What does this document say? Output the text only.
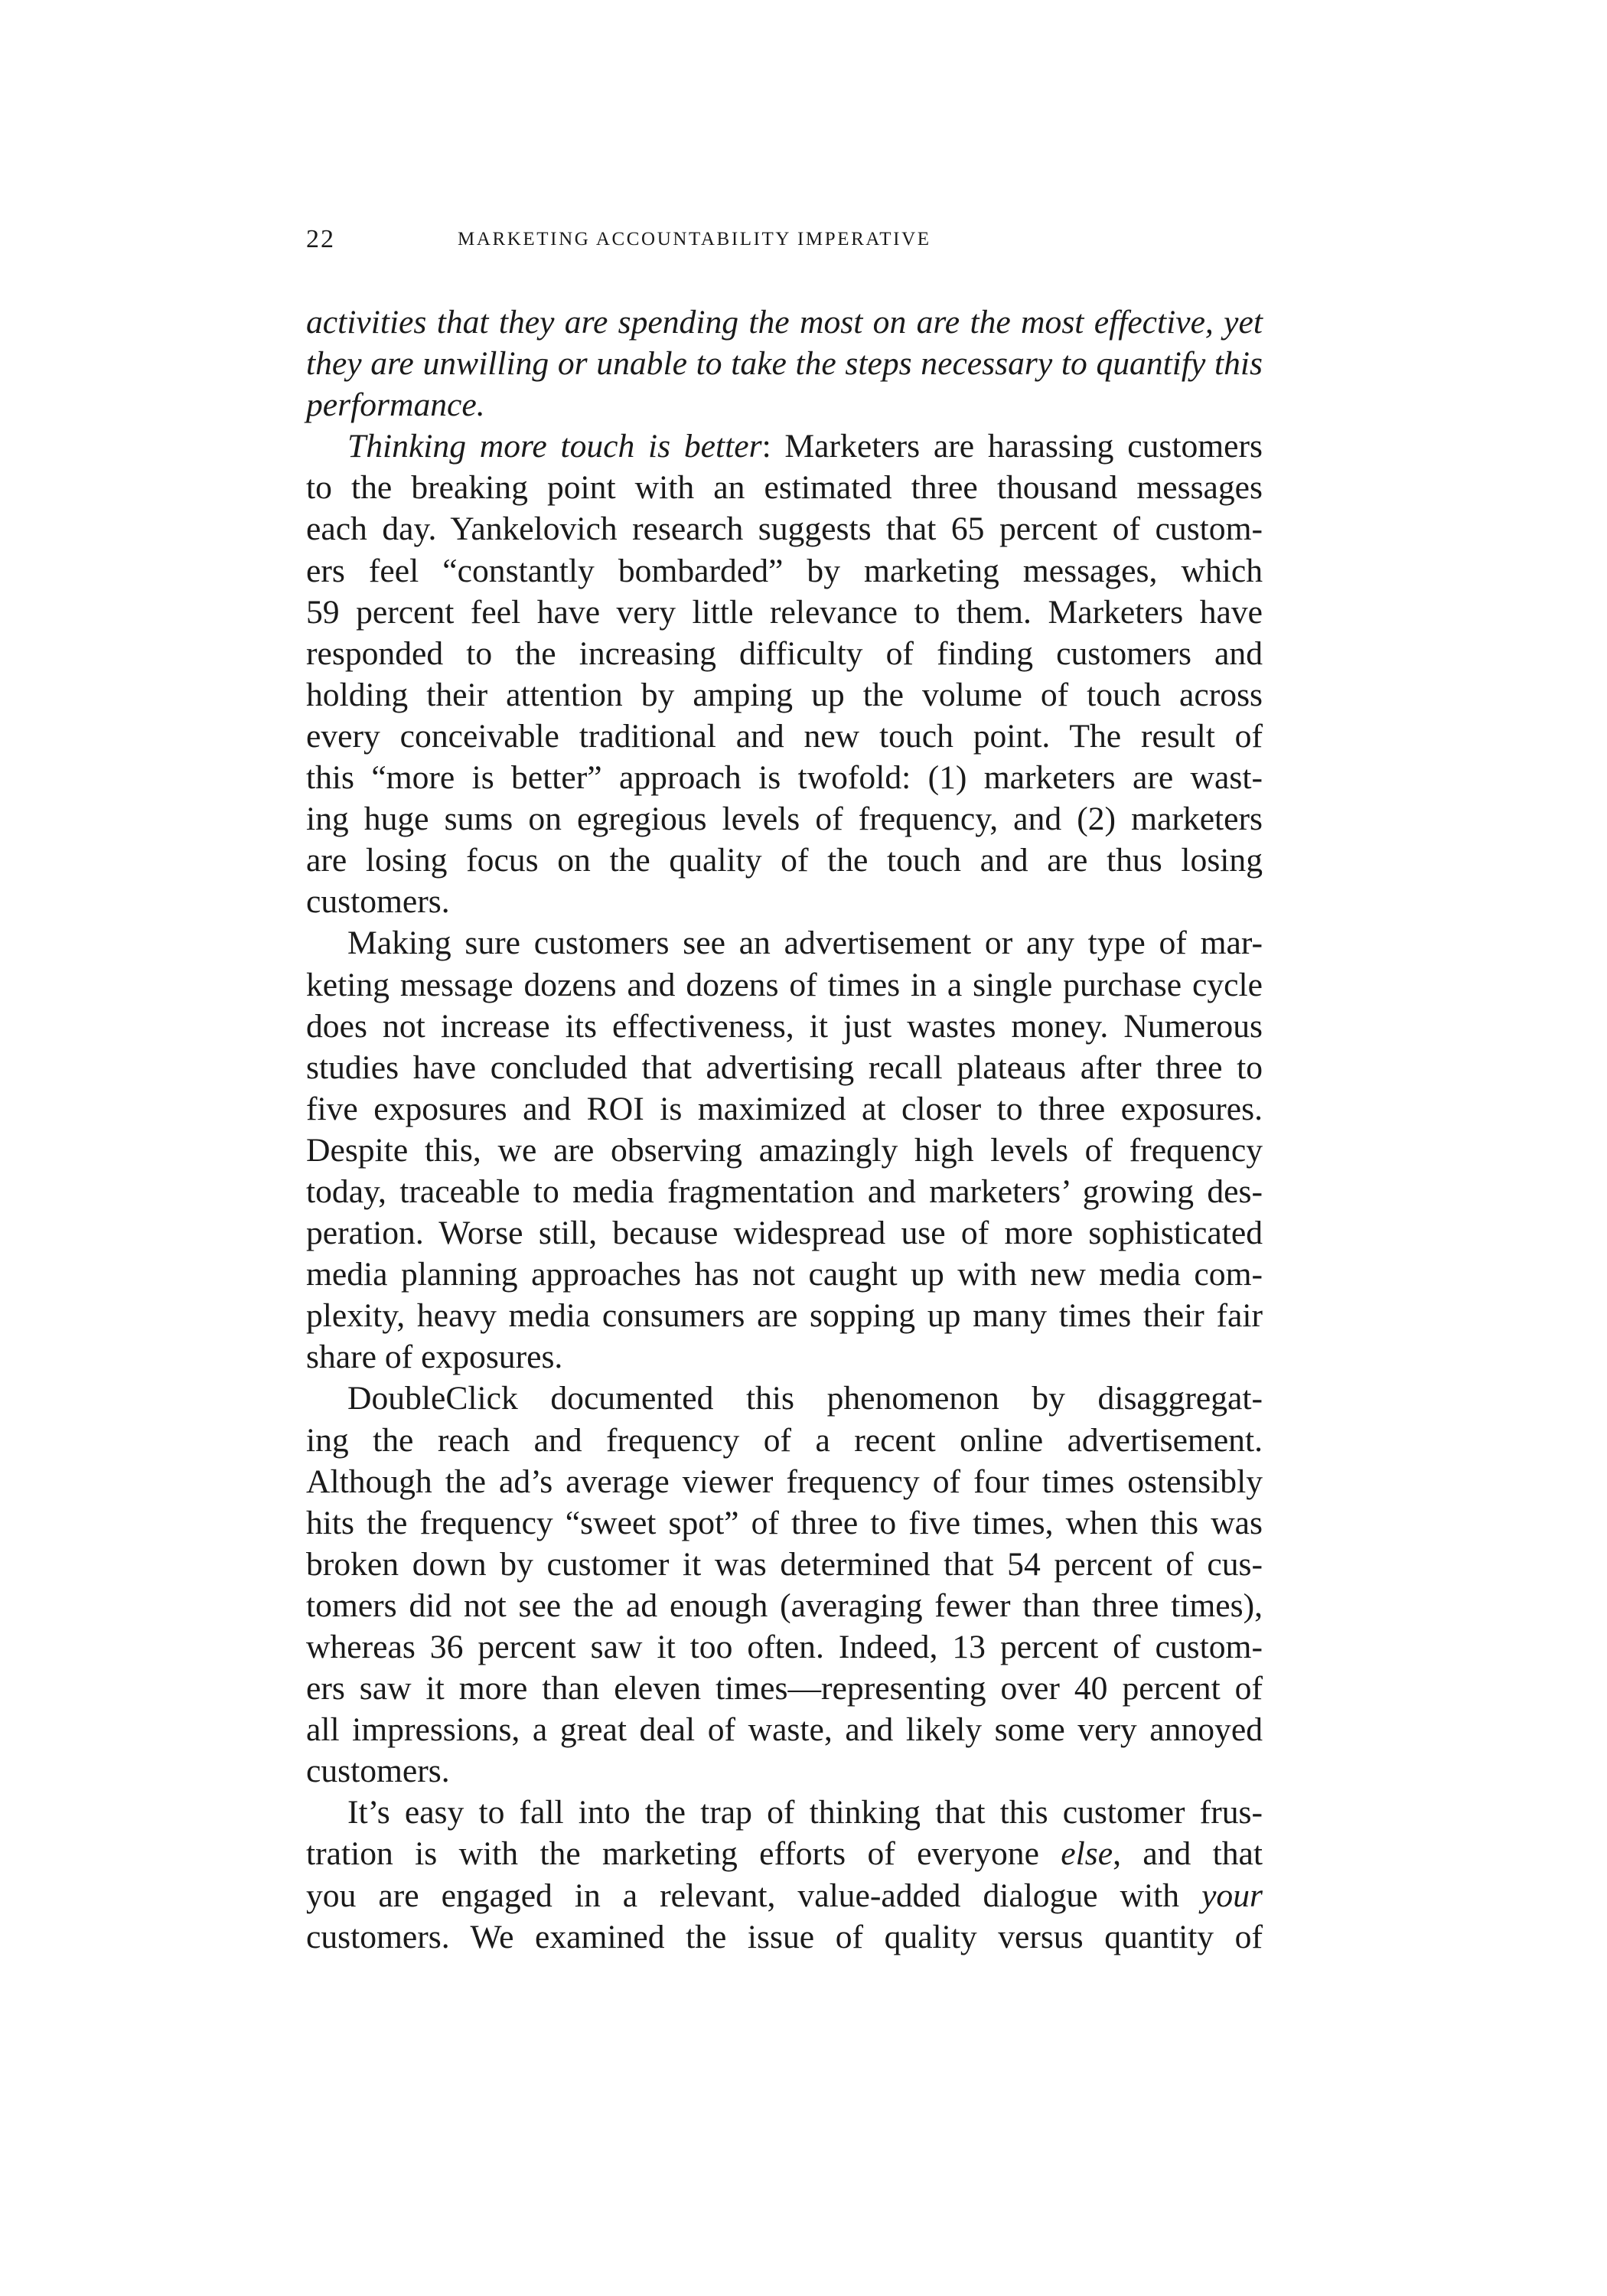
22	MARKETING ACCOUNTABILITY IMPERATIVE
activities that they are spending the most on are the most effective, yet
they are unwilling or unable to take the steps necessary to quantify this
performance.
Thinking more touch is better: Marketers are harassing customers
to the breaking point with an estimated three thousand messages
each day. Yankelovich research suggests that 65 percent of custom-
ers feel “constantly bombarded” by marketing messages, which
59 percent feel have very little relevance to them. Marketers have
responded to the increasing difficulty of finding customers and
holding their attention by amping up the volume of touch across
every conceivable traditional and new touch point. The result of
this “more is better” approach is twofold: (1) marketers are wast-
ing huge sums on egregious levels of frequency, and (2) marketers
are losing focus on the quality of the touch and are thus losing
customers.
Making sure customers see an advertisement or any type of mar-
keting message dozens and dozens of times in a single purchase cycle
does not increase its effectiveness, it just wastes money. Numerous
studies have concluded that advertising recall plateaus after three to
five exposures and ROI is maximized at closer to three exposures.
Despite this, we are observing amazingly high levels of frequency
today, traceable to media fragmentation and marketers’ growing des-
peration. Worse still, because widespread use of more sophisticated
media planning approaches has not caught up with new media com-
plexity, heavy media consumers are sopping up many times their fair
share of exposures.
DoubleClick documented this phenomenon by disaggregat-
ing the reach and frequency of a recent online advertisement.
Although the ad’s average viewer frequency of four times ostensibly
hits the frequency “sweet spot” of three to five times, when this was
broken down by customer it was determined that 54 percent of cus-
tomers did not see the ad enough (averaging fewer than three times),
whereas 36 percent saw it too often. Indeed, 13 percent of custom-
ers saw it more than eleven times—representing over 40 percent of
all impressions, a great deal of waste, and likely some very annoyed
customers.
It’s easy to fall into the trap of thinking that this customer frus-
tration is with the marketing efforts of everyone else, and that
you are engaged in a relevant, value-added dialogue with your
customers. We examined the issue of quality versus quantity of
